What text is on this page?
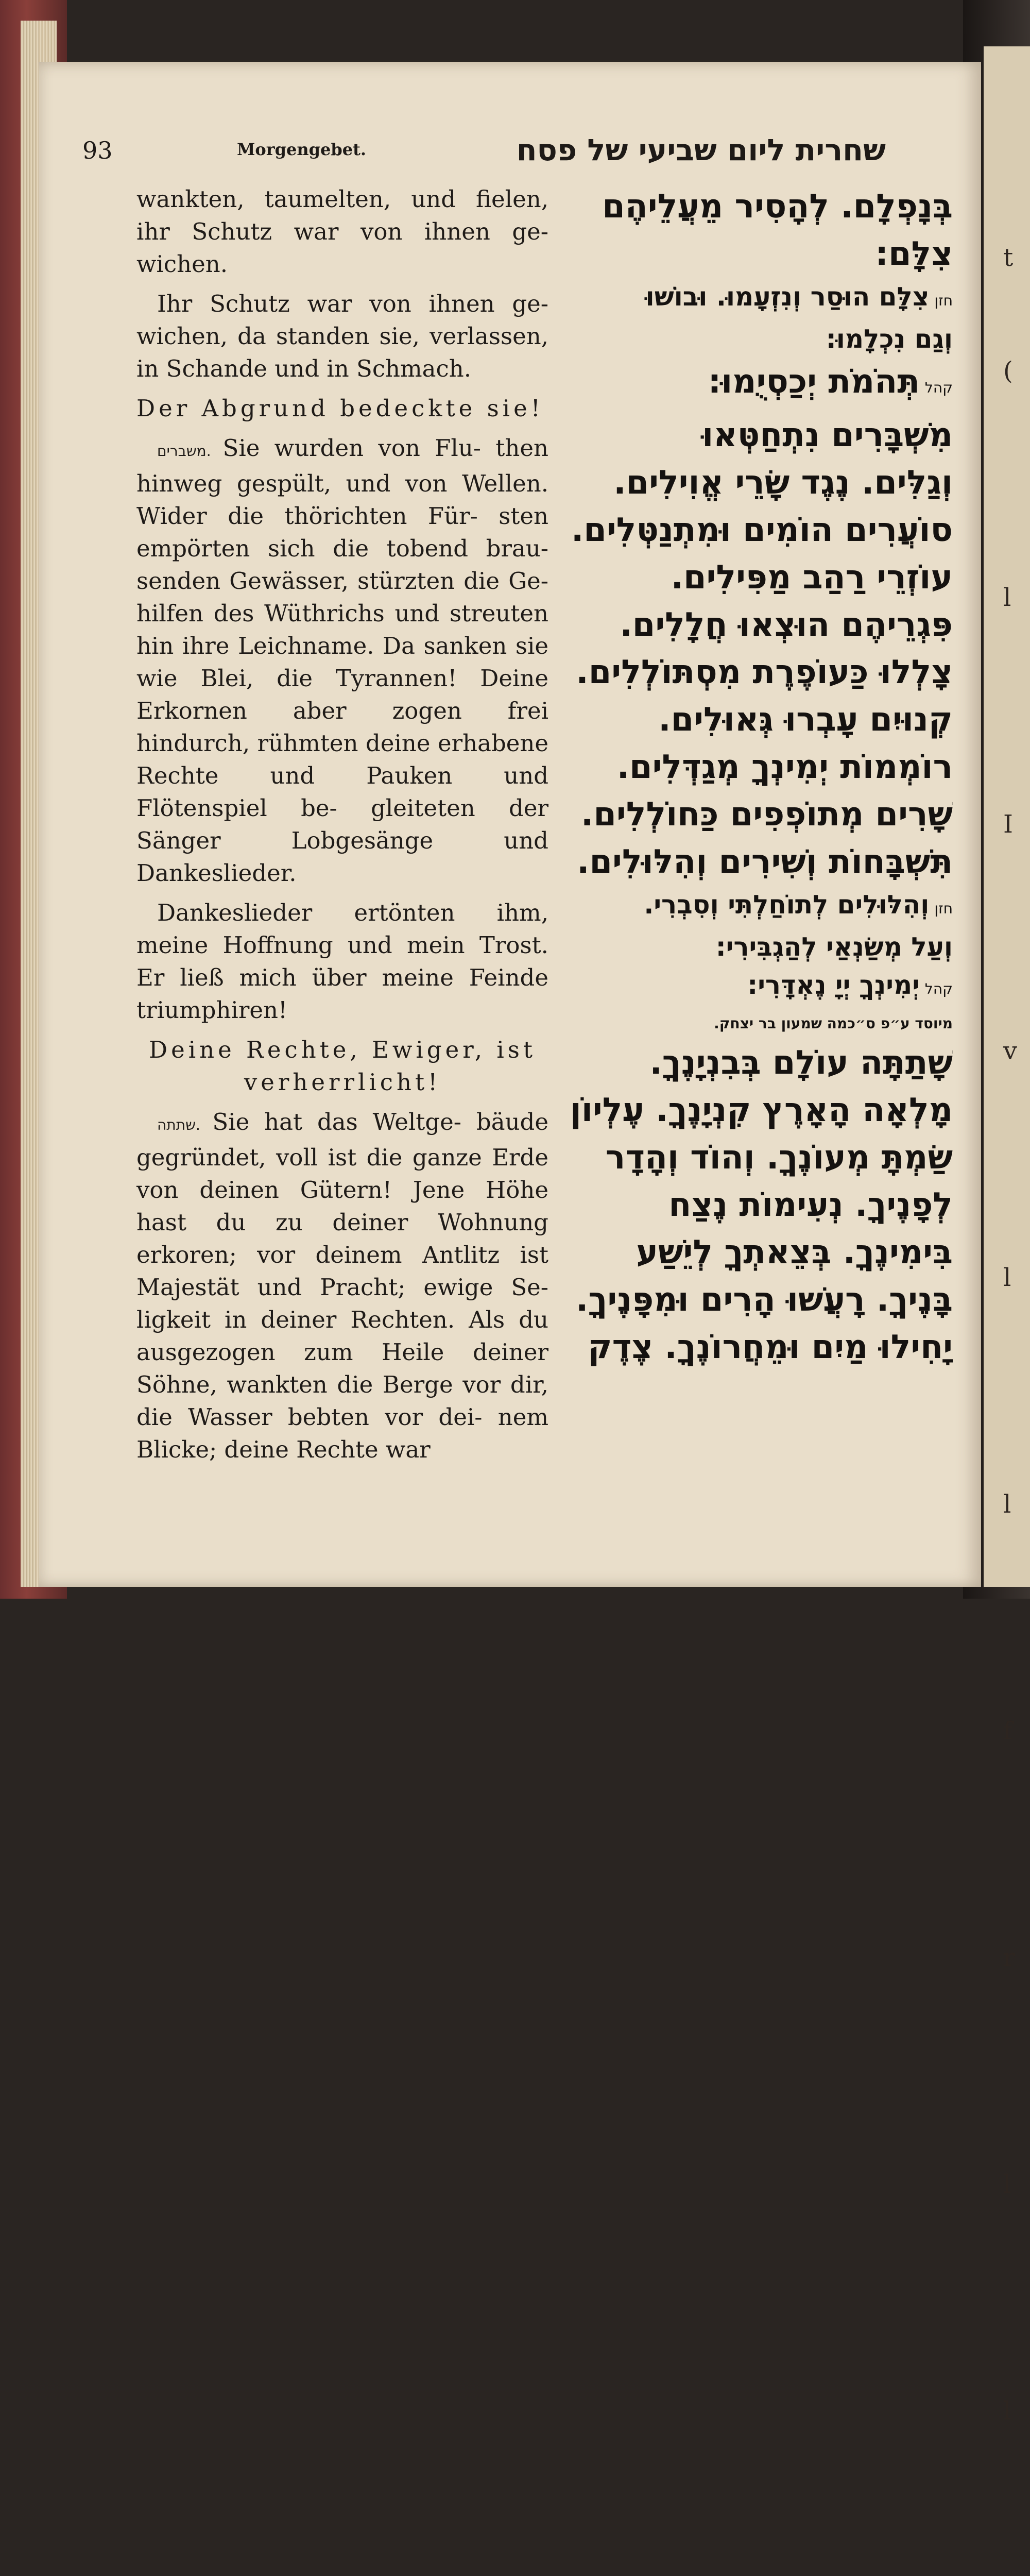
t
(

l

I

v

l

l

f

r

l

l

93	Morgengebet.	שחרית ליום שביעי של פסח

wankten, taumelten, und fielen, ihr Schutz war von ihnen ge- wichen.

Ihr Schutz war von ihnen ge- wichen, da standen sie, verlassen, in Schande und in Schmach.

Der Abgrund bedeckte sie!

משברים. Sie wurden von Flu- then hinweg gespült, und von Wellen. Wider die thörichten Für- sten empörten sich die tobend brau- senden Gewässer, stürzten die Ge- hilfen des Wüthrichs und streuten hin ihre Leichname. Da sanken sie wie Blei, die Tyrannen! Deine Erkornen aber zogen frei hindurch, rühmten deine erhabene Rechte und Pauken und Flötenspiel be- gleiteten der Sänger Lobgesänge und Dankeslieder.

Dankeslieder ertönten ihm, meine Hoffnung und mein Trost. Er ließ mich über meine Feinde triumphiren!

Deine Rechte, Ewiger, ist verherrlicht!

שתתה. Sie hat das Weltge- bäude gegründet, voll ist die ganze Erde von deinen Gütern! Jene Höhe hast du zu deiner Wohnung erkoren; vor deinem Antlitz ist Majestät und Pracht; ewige Se- ligkeit in deiner Rechten. Als du ausgezogen zum Heile deiner Söhne, wankten die Berge vor dir, die Wasser bebten vor dei- nem Blicke; deine Rechte war

בְּנָפְלָם. לְהָסִיר מֵעֲלֵיהֶם

צִלָּם:

חזןצִלָּם הוּסַר וְנִזְעָמוּ. וּבוֹשׁוּ

וְגַם נִכְלָמוּ:

קהלתְּהֹמֹת יְכַסְיֻמוּ:

מִשְׁבָּרִים נִתְחַטְּאוּ

וְגַלִּים. נֶגֶד שָׂרֵי אֱוִילִים.

סוֹעֲרִים הוֹמִים וּמִתְנַטְּלִים.

עוֹזְרֵי רַהַב מַפִּילִים.

פִּגְרֵיהֶם הוּצְאוּ חֲלָלִים.

צָלְלוּ כַּעוֹפֶרֶת מִסְתּוֹלְלִים.

קְנוּיִם עָבְרוּ גְּאוּלִים.

רוֹמְמוֹת יְמִינְךָ מְגַדְּלִים.

שָׁרִים מְתוֹפְפִים כַּחוֹלְלִים.

תִּשְׁבָּחוֹת וְשִׁירִים וְהִלּוּלִים.

חזןוְהִלּוּלִים לְתוֹחַלְתִּי וְסִבְרִי.

וְעַל מְשַׂנְאַי לְהַגְבִּירִי:

קהליְמִינְךָ יְיָ נֶאְדָּרִי:

מיוסד ע״פ ס״כמה שמעון בר יצחק.

שָׁתַתָּה עוֹלָם בְּבִנְיָנֶךָ.

מָלְאָה הָאָרֶץ קִנְיָנֶךָ. עֶלְיוֹן

שַׂמְתָּ מְעוֹנֶךָ. וְהוֹד וְהָדָר

לְפָנֶיךָ. נְעִימוֹת נֶצַח

בִּימִינֶךָ. בְּצֵאתְךָ לְיֵשַׁע

בָּנֶיךָ. רָעֲשׁוּ הָרִים וּמִפָּנֶיךָ.

יָחִילוּ מַיִם וּמֵחֲרוֹנֶךָ. צֶדֶק
